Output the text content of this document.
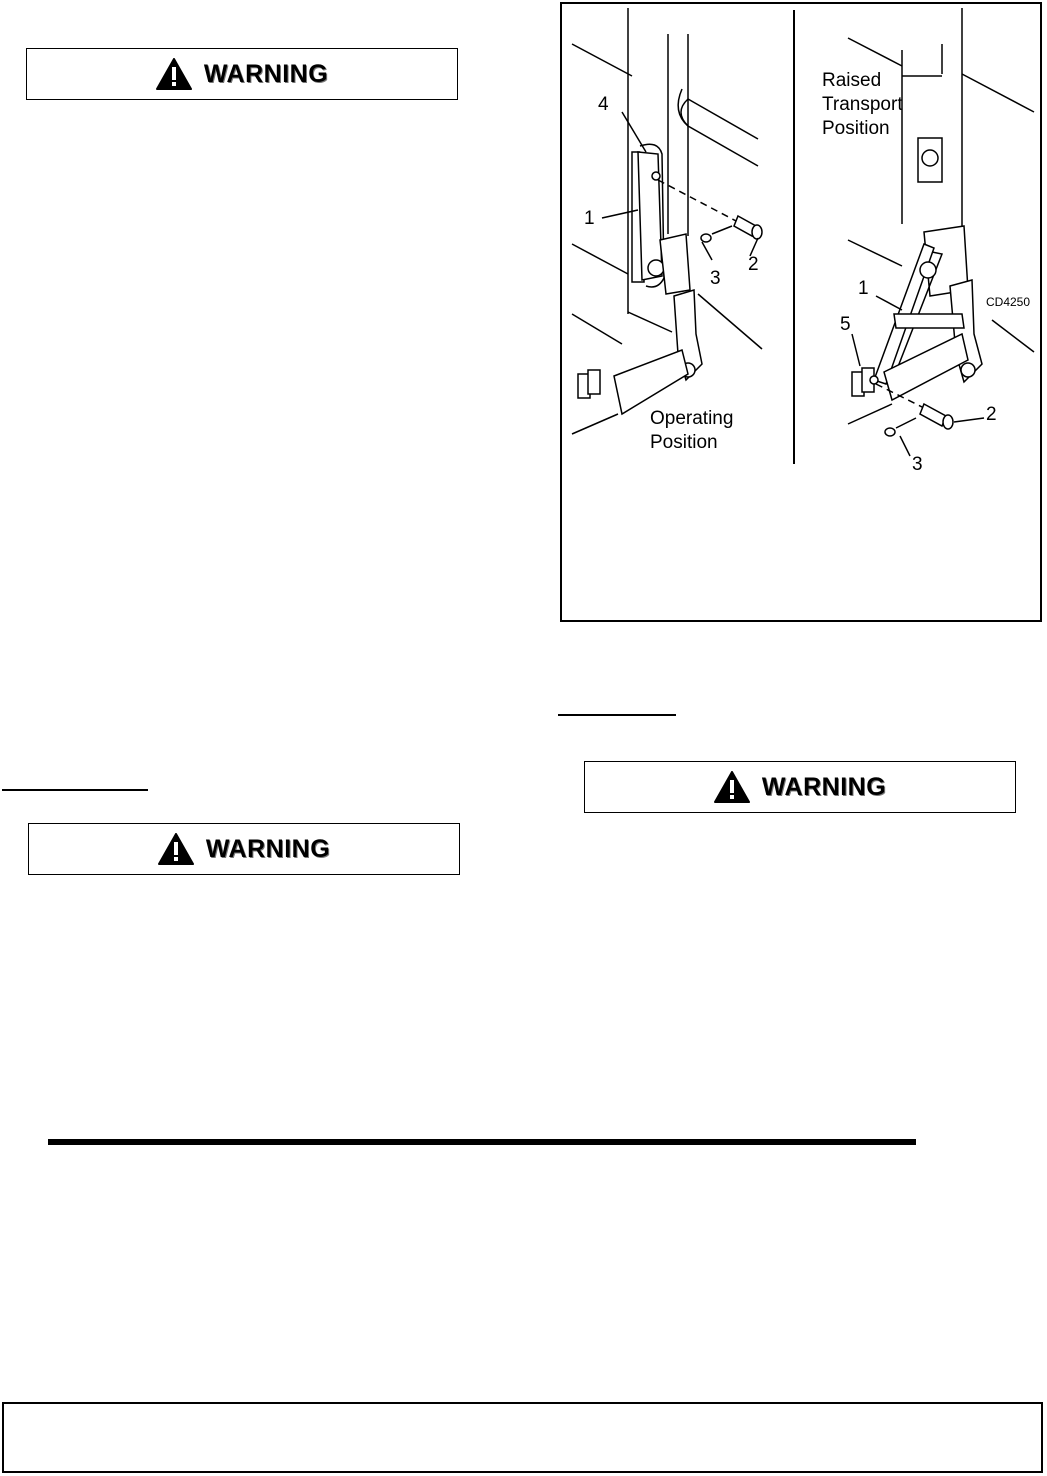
WARNING
4
1
3
2
1
5
2
3
Operating
Position
Raised
Transport
Position
CD4250
WARNING
WARNING
